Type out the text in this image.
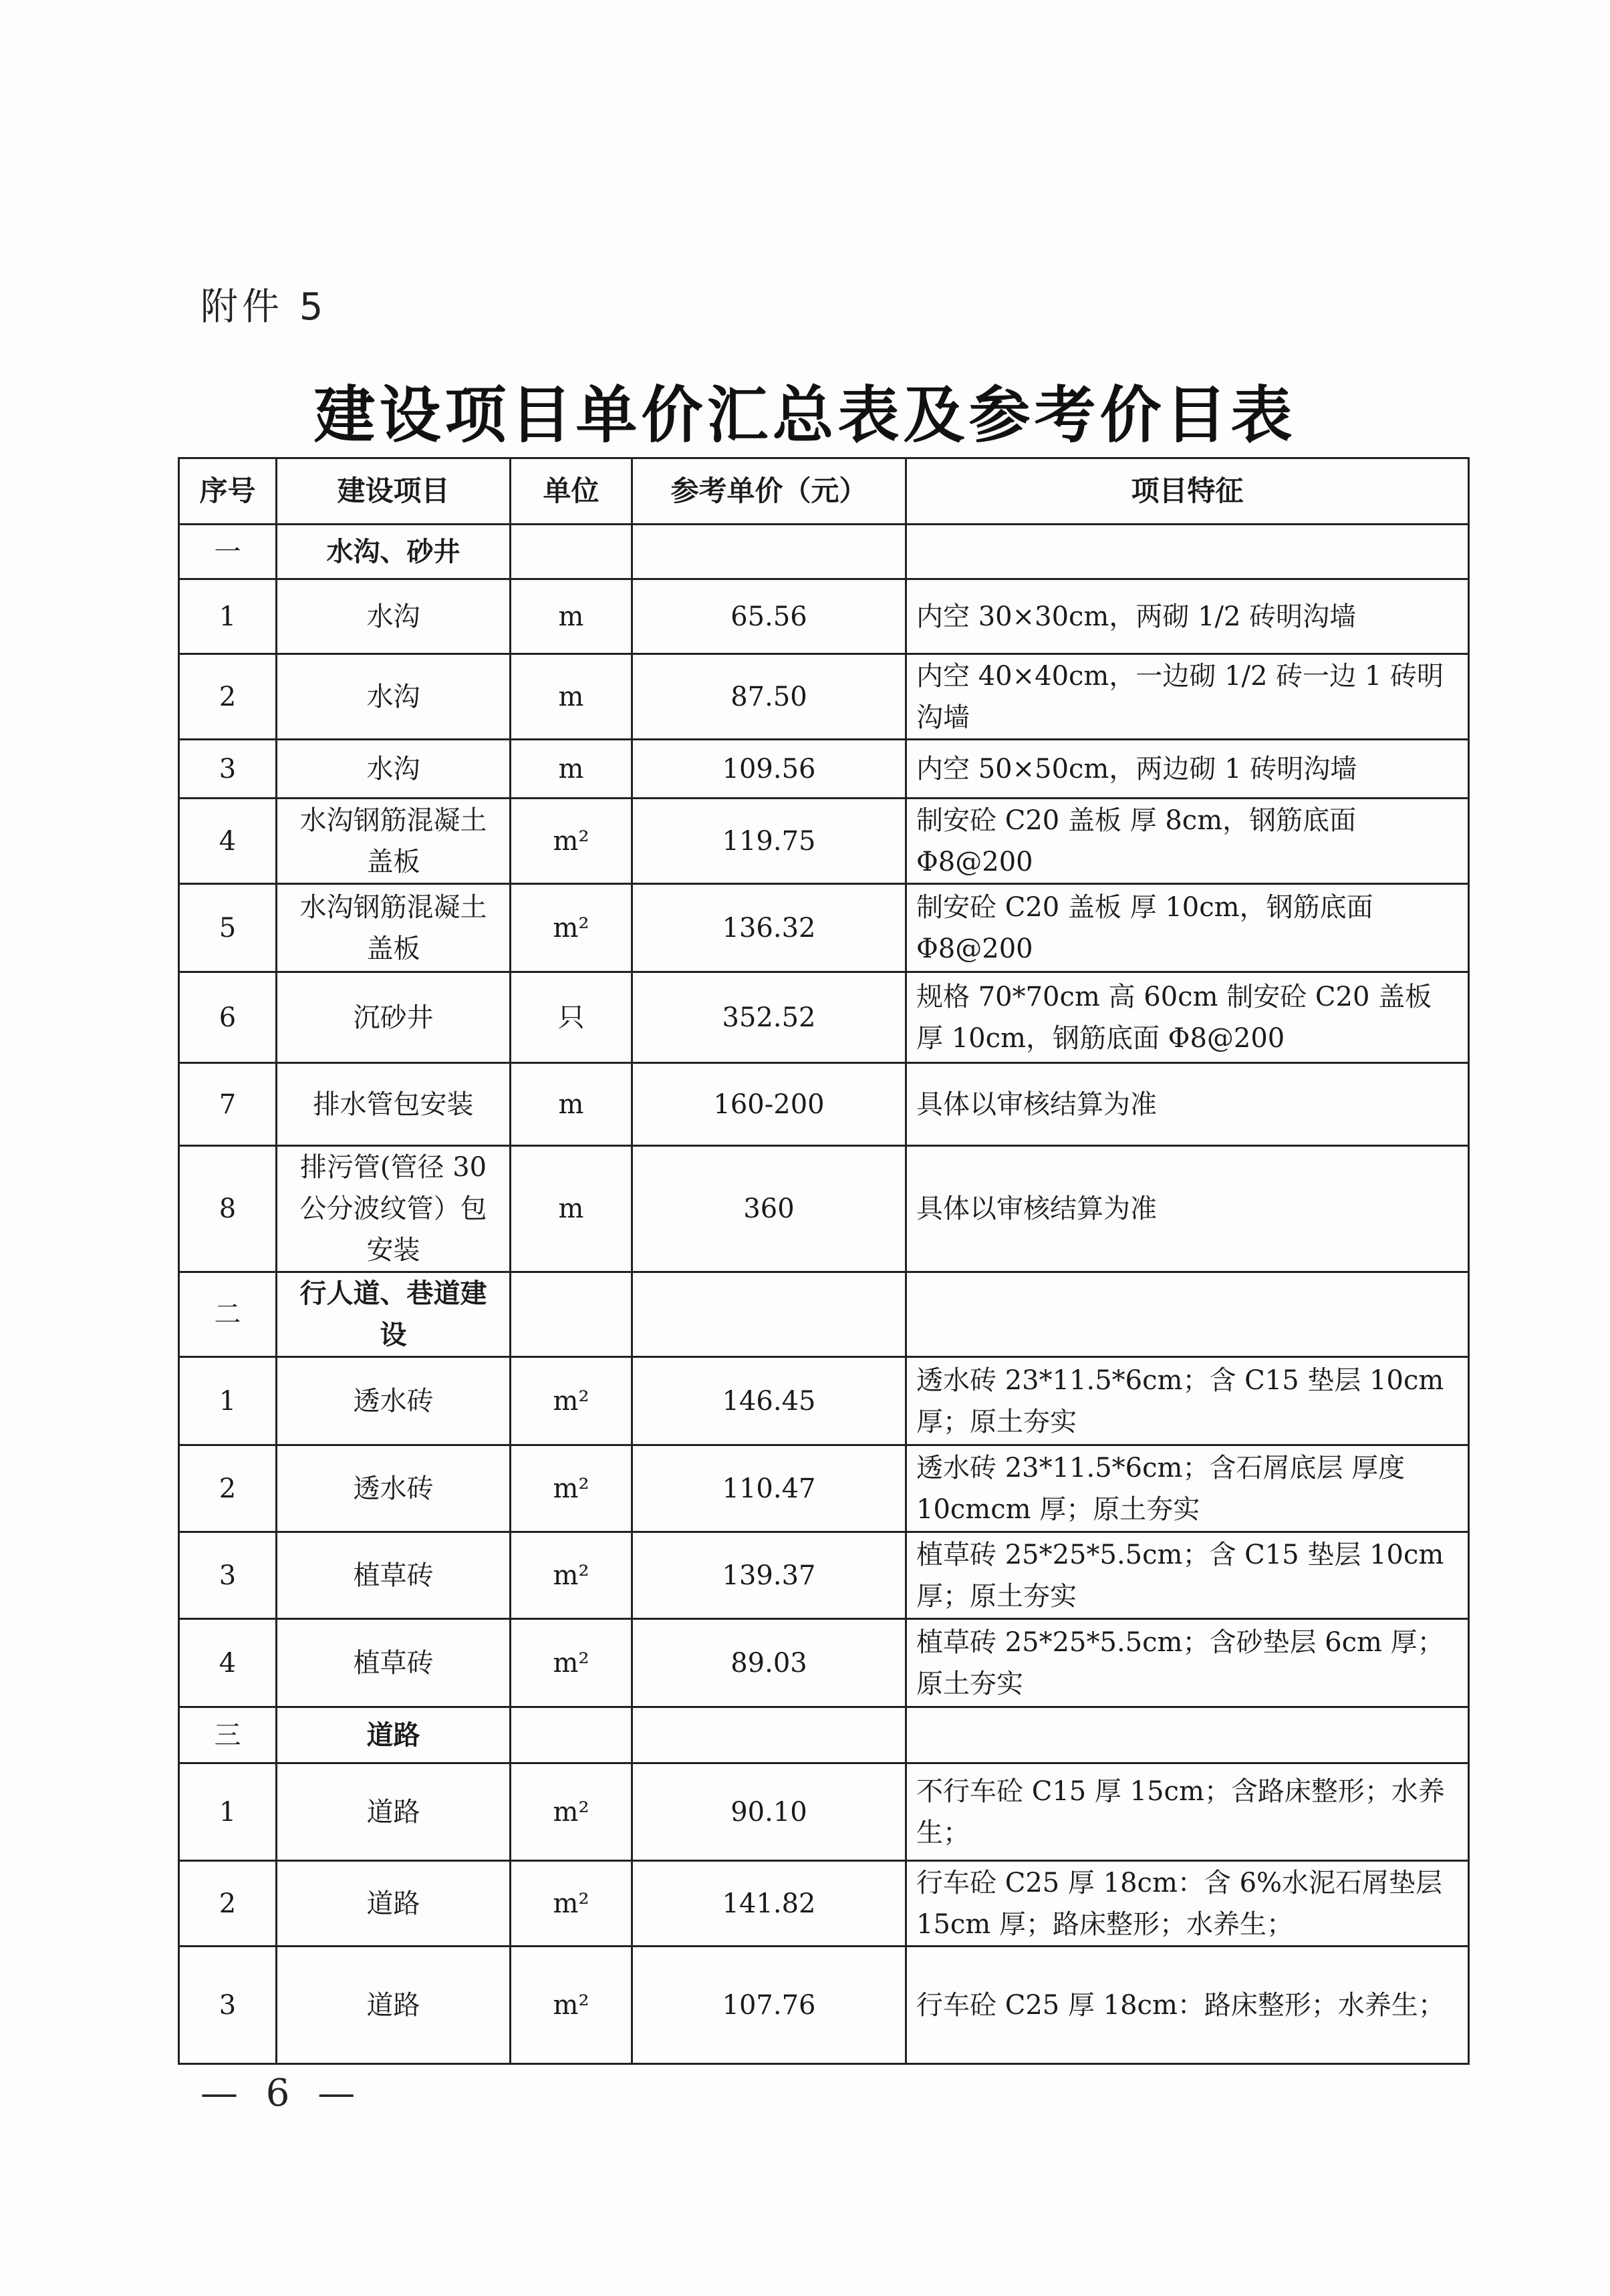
附件 5
建设项目单价汇总表及参考价目表
序号	建设项目	单位	参考单价（元）	项目特征
一	水沟、砂井			
1	水沟	m	65.56	内空 30×30cm，两砌 1/2 砖明沟墙
2	水沟	m	87.50	内空 40×40cm，一边砌 1/2 砖一边 1 砖明沟墙
3	水沟	m	109.56	内空 50×50cm，两边砌 1 砖明沟墙
4	水沟钢筋混凝土盖板	m²	119.75	制安砼 C20 盖板 厚 8cm，钢筋底面 Φ8@200
5	水沟钢筋混凝土盖板	m²	136.32	制安砼 C20 盖板 厚 10cm，钢筋底面 Φ8@200
6	沉砂井	只	352.52	规格 70*70cm 高 60cm 制安砼 C20 盖板厚 10cm，钢筋底面 Φ8@200
7	排水管包安装	m	160-200	具体以审核结算为准
8	排污管(管径 30 公分波纹管）包安装	m	360	具体以审核结算为准
二	行人道、巷道建设			
1	透水砖	m²	146.45	透水砖 23*11.5*6cm；含 C15 垫层 10cm 厚；原土夯实
2	透水砖	m²	110.47	透水砖 23*11.5*6cm；含石屑底层 厚度 10cmcm 厚；原土夯实
3	植草砖	m²	139.37	植草砖 25*25*5.5cm；含 C15 垫层 10cm 厚；原土夯实
4	植草砖	m²	89.03	植草砖 25*25*5.5cm；含砂垫层 6cm 厚；原土夯实
三	道路			
1	道路	m²	90.10	不行车砼 C15 厚 15cm；含路床整形；水养生；
2	道路	m²	141.82	行车砼 C25 厚 18cm：含 6%水泥石屑垫层 15cm 厚；路床整形；水养生；
3	道路	m²	107.76	行车砼 C25 厚 18cm：路床整形；水养生；
— 6 —
